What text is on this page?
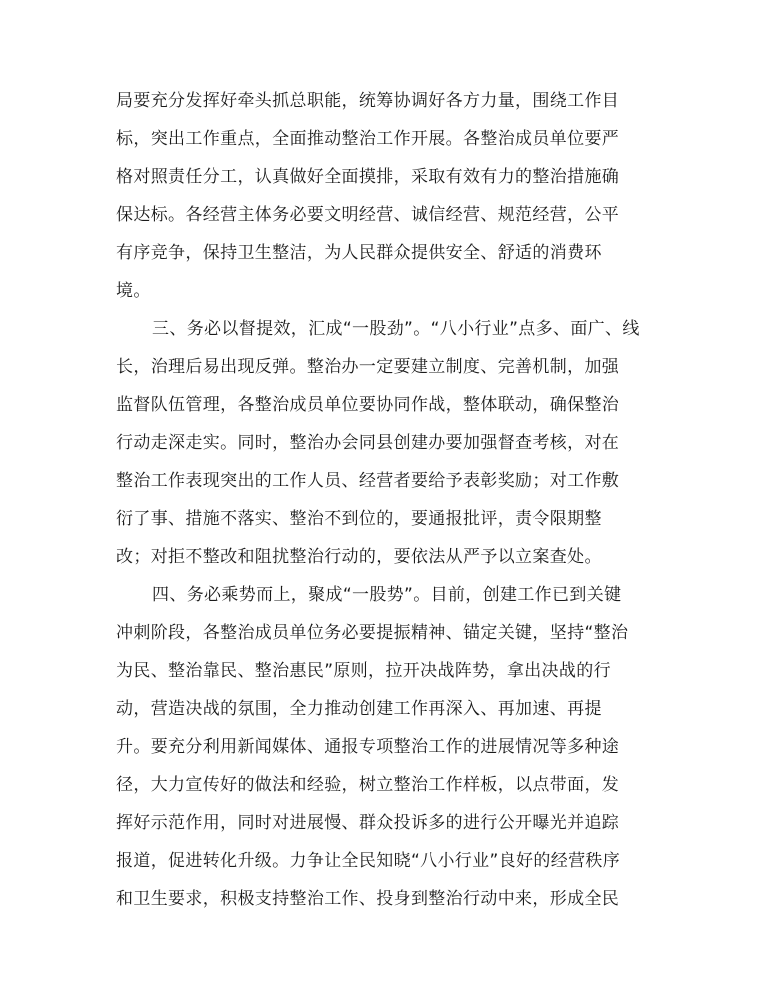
局要充分发挥好牵头抓总职能，统筹协调好各方力量，围绕工作目
标，突出工作重点，全面推动整治工作开展。各整治成员单位要严
格对照责任分工，认真做好全面摸排，采取有效有力的整治措施确
保达标。各经营主体务必要文明经营、诚信经营、规范经营，公平
有序竞争，保持卫生整洁，为人民群众提供安全、舒适的消费环
境。
三、务必以督提效，汇成“一股劲”。“八小行业”点多、面广、线
长，治理后易出现反弹。整治办一定要建立制度、完善机制，加强
监督队伍管理，各整治成员单位要协同作战，整体联动，确保整治
行动走深走实。同时，整治办会同县创建办要加强督查考核，对在
整治工作表现突出的工作人员、经营者要给予表彰奖励；对工作敷
衍了事、措施不落实、整治不到位的，要通报批评，责令限期整
改；对拒不整改和阻扰整治行动的，要依法从严予以立案查处。
四、务必乘势而上，聚成“一股势”。目前，创建工作已到关键
冲刺阶段，各整治成员单位务必要提振精神、锚定关键，坚持“整治
为民、整治靠民、整治惠民”原则，拉开决战阵势，拿出决战的行
动，营造决战的氛围，全力推动创建工作再深入、再加速、再提
升。要充分利用新闻媒体、通报专项整治工作的进展情况等多种途
径，大力宣传好的做法和经验，树立整治工作样板，以点带面，发
挥好示范作用，同时对进展慢、群众投诉多的进行公开曝光并追踪
报道，促进转化升级。力争让全民知晓“八小行业”良好的经营秩序
和卫生要求，积极支持整治工作、投身到整治行动中来，形成全民
